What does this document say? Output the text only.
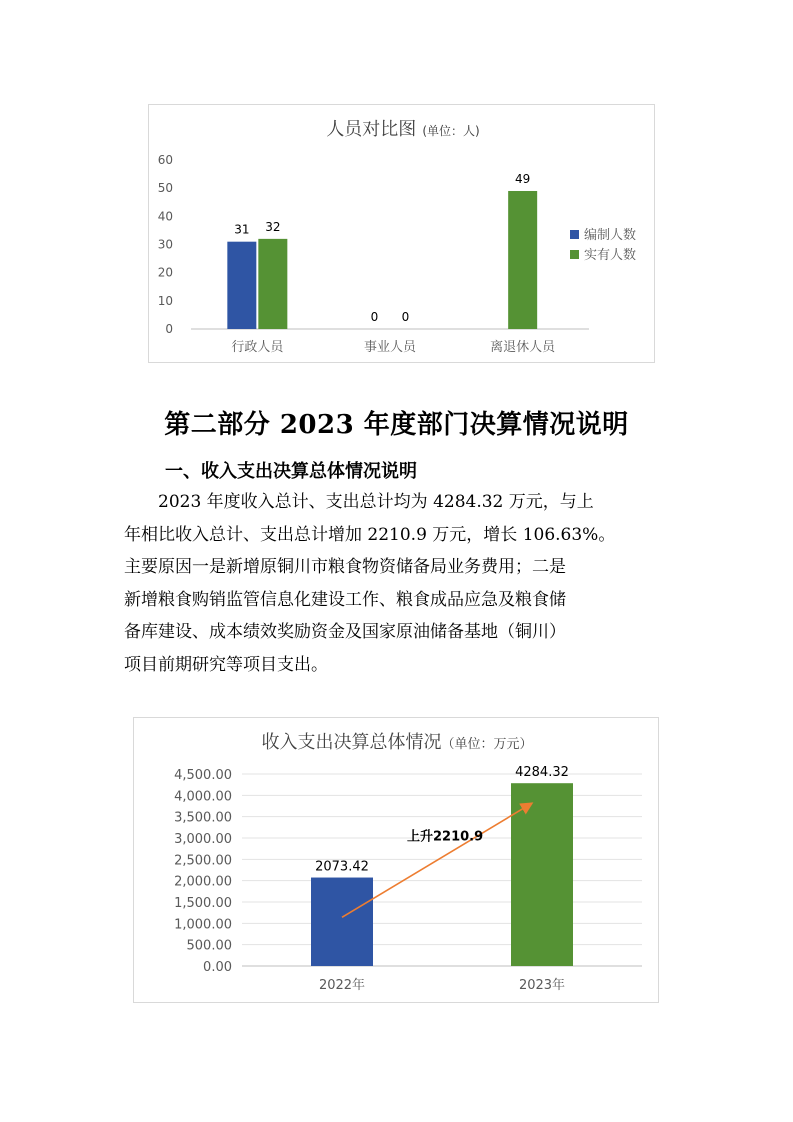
人员对比图 (单位：人)
0
10
20
30
40
50
60
行政人员
31 32
事业人员
0 0
离退休人员
49
编制人数
实有人数
第二部分 2023 年度部门决算情况说明
一、收入支出决算总体情况说明
2023 年度收入总计、支出总计均为 4284.32 万元，与上
年相比收入总计、支出总计增加 2210.9 万元，增长 106.63%。
主要原因一是新增原铜川市粮食物资储备局业务费用；二是
新增粮食购销监管信息化建设工作、粮食成品应急及粮食储
备库建设、成本绩效奖励资金及国家原油储备基地（铜川）
项目前期研究等项目支出。
收入支出决算总体情况（单位：万元）
0.00
500.00
1,000.00
1,500.00
2,000.00
2,500.00
3,000.00
3,500.00
4,000.00
4,500.00
2073.42
2022年
4284.32
2023年
上升2210.9
